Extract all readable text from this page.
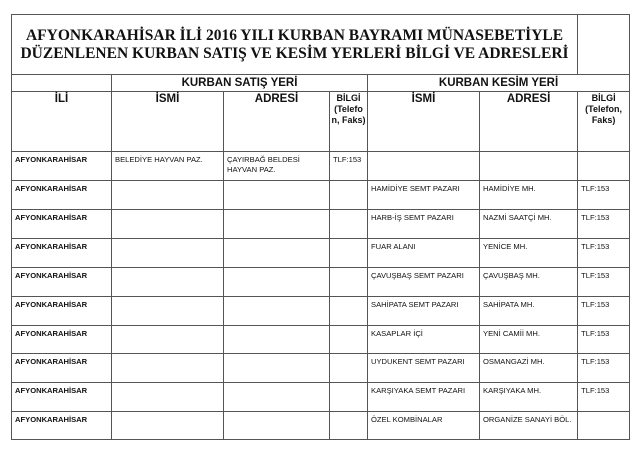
AFYONKARAHİSAR İLİ 2016 YILI KURBAN BAYRAMI MÜNASEBETİYLE
DÜZENLENEN KURBAN SATIŞ VE KESİM YERLERİ BİLGİ VE ADRESLERİ						

	KURBAN SATIŞ YERİ			KURBAN KESİM YERİ		
İLİ	İSMİ	ADRESİ	BİLGİ (Telefo n, Faks)	İSMİ	ADRESİ	BİLGİ (Telefon, Faks)
AFYONKARAHİSAR	BELEDİYE HAYVAN PAZ.	ÇAYIRBAĞ BELDESİ HAYVAN PAZ.	TLF:153			
AFYONKARAHİSAR				HAMİDİYE SEMT PAZARI	HAMİDİYE MH.	TLF:153
AFYONKARAHİSAR				HARB-İŞ SEMT PAZARI	NAZMİ SAATÇİ MH.	TLF:153
AFYONKARAHİSAR				FUAR ALANI	YENİCE MH.	TLF:153
AFYONKARAHİSAR				ÇAVUŞBAŞ SEMT PAZARI	ÇAVUŞBAŞ MH.	TLF:153
AFYONKARAHİSAR				SAHİPATA SEMT PAZARI	SAHİPATA MH.	TLF:153
AFYONKARAHİSAR				KASAPLAR İÇİ	YENİ CAMİİ MH.	TLF:153
AFYONKARAHİSAR				UYDUKENT SEMT PAZARI	OSMANGAZİ MH.	TLF:153
AFYONKARAHİSAR				KARŞIYAKA SEMT PAZARI	KARŞIYAKA MH.	TLF:153
AFYONKARAHİSAR				ÖZEL KOMBİNALAR	ORGANİZE SANAYİ BÖL.	
